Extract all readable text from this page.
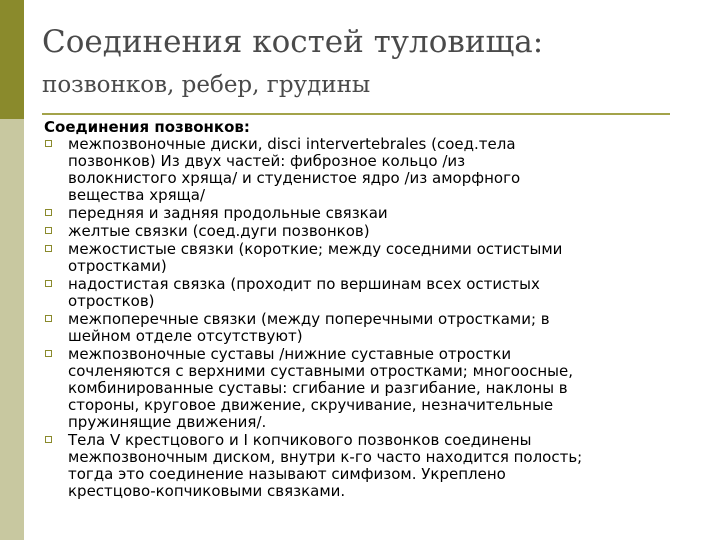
Соединения костей туловища:
позвонков, ребер, грудины
Соединения позвонков:
межпозвоночные диски, disci intervertebrales (соед.тела
позвонков) Из двух частей: фиброзное кольцо /из
волокнистого хряща/ и студенистое ядро /из аморфного
вещества хряща/
передняя и задняя продольные связкаи
желтые связки (соед.дуги позвонков)
межостистые связки (короткие; между соседними остистыми
отростками)
надостистая связка (проходит по вершинам всех остистых
отростков)
межпоперечные связки (между поперечными отростками; в
шейном отделе отсутствуют)
межпозвоночные суставы /нижние суставные отростки
сочленяются с верхними суставными отростками; многоосные,
комбинированные суставы: сгибание и разгибание, наклоны в
стороны, круговое движение, скручивание, незначительные
пружинящие движения/.
Тела V крестцового и I копчикового позвонков соединены
межпозвоночным диском, внутри к-го часто находится полость;
тогда это соединение называют симфизом. Укреплено
крестцово-копчиковыми связками.
